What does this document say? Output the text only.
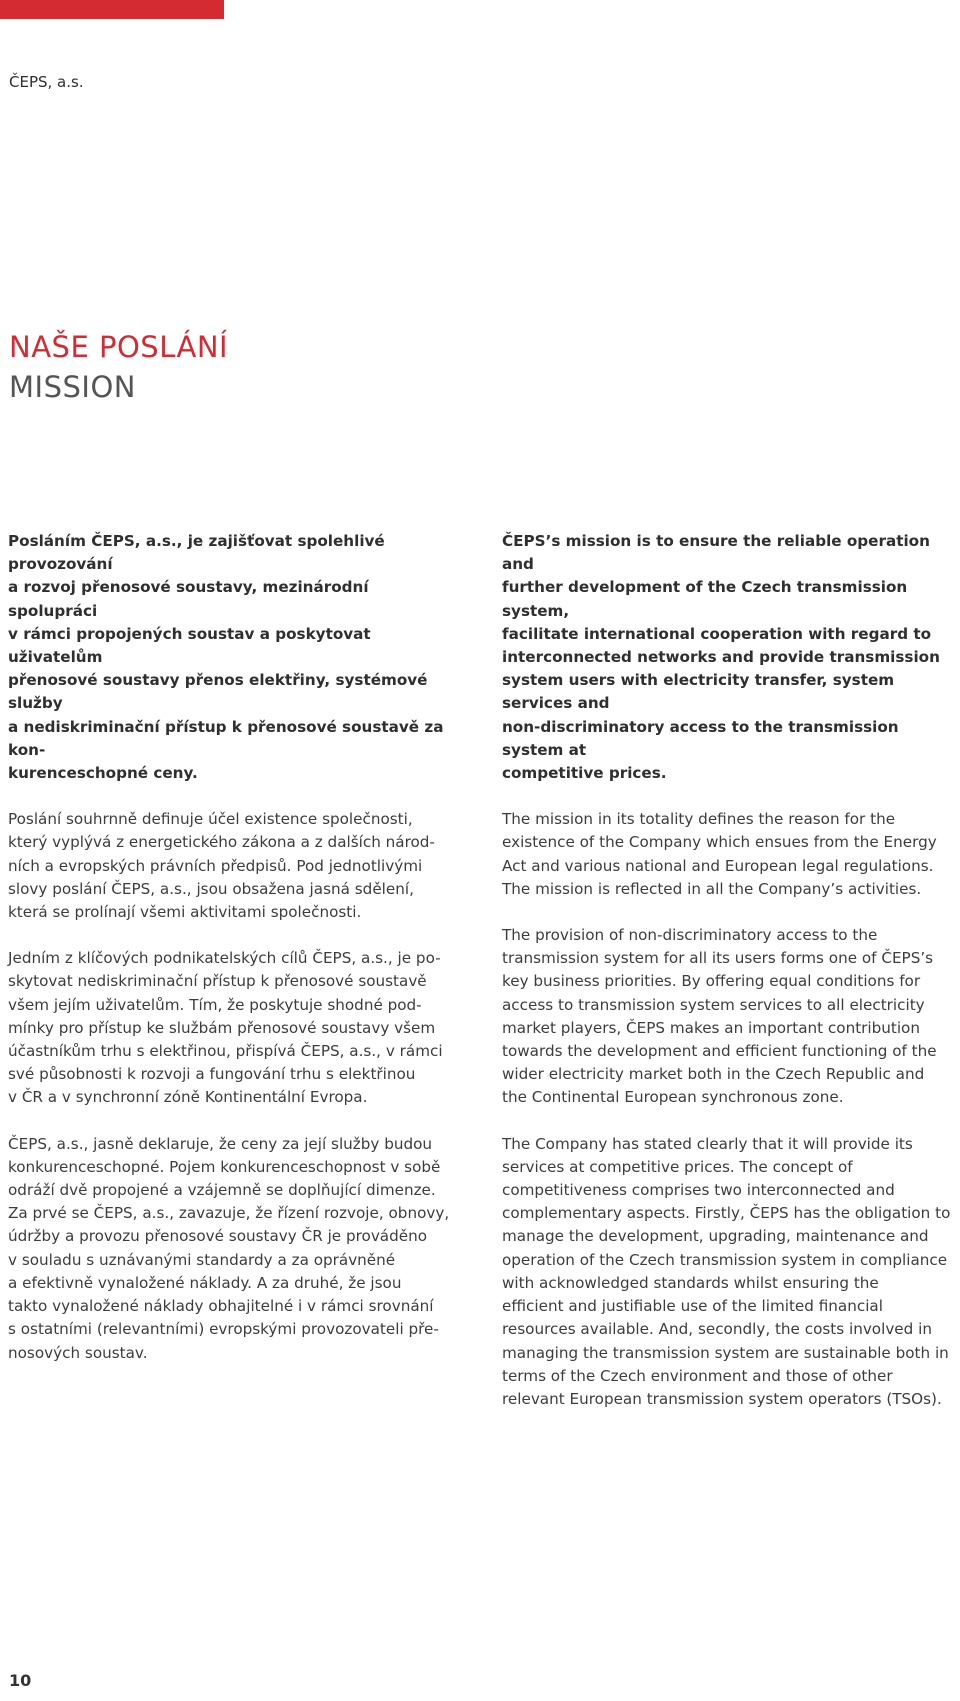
ČEPS, a.s.
NAŠE POSLÁNÍ
MISSION

Posláním ČEPS, a.s., je zajišťovat spolehlivé provozování
a rozvoj přenosové soustavy, mezinárodní spolupráci
v rámci propojených soustav a poskytovat uživatelům
přenosové soustavy přenos elektřiny, systémové služby
a nediskriminační přístup k přenosové soustavě za kon-
kurenceschopné ceny.

Poslání souhrnně definuje účel existence společnosti,
který vyplývá z energetického zákona a z dalších národ-
ních a evropských právních předpisů. Pod jednotlivými
slovy poslání ČEPS, a.s., jsou obsažena jasná sdělení,
která se prolínají všemi aktivitami společnosti.

Jedním z klíčových podnikatelských cílů ČEPS, a.s., je po-
skytovat nediskriminační přístup k přenosové soustavě
všem jejím uživatelům. Tím, že poskytuje shodné pod-
mínky pro přístup ke službám přenosové soustavy všem
účastníkům trhu s elektřinou, přispívá ČEPS, a.s., v rámci
své působnosti k rozvoji a fungování trhu s elektřinou
v ČR a v synchronní zóně Kontinentální Evropa.

ČEPS, a.s., jasně deklaruje, že ceny za její služby budou
konkurenceschopné. Pojem konkurenceschopnost v sobě
odráží dvě propojené a vzájemně se doplňující dimenze.
Za prvé se ČEPS, a.s., zavazuje, že řízení rozvoje, obnovy,
údržby a provozu přenosové soustavy ČR je prováděno
v souladu s uznávanými standardy a za oprávněné
a efektivně vynaložené náklady. A za druhé, že jsou
takto vynaložené náklady obhajitelné i v rámci srovnání
s ostatními (relevantními) evropskými provozovateli pře-
nosových soustav.

ČEPS’s mission is to ensure the reliable operation and
further development of the Czech transmission system,
facilitate international cooperation with regard to
interconnected networks and provide transmission
system users with electricity transfer, system services and
non-discriminatory access to the transmission system at
competitive prices.

The mission in its totality defines the reason for the
existence of the Company which ensues from the Energy
Act and various national and European legal regulations.
The mission is reflected in all the Company’s activities.

The provision of non-discriminatory access to the
transmission system for all its users forms one of ČEPS’s
key business priorities. By offering equal conditions for
access to transmission system services to all electricity
market players, ČEPS makes an important contribution
towards the development and efficient functioning of the
wider electricity market both in the Czech Republic and
the Continental European synchronous zone.

The Company has stated clearly that it will provide its
services at competitive prices. The concept of
competitiveness comprises two interconnected and
complementary aspects. Firstly, ČEPS has the obligation to
manage the development, upgrading, maintenance and
operation of the Czech transmission system in compliance
with acknowledged standards whilst ensuring the
efficient and justifiable use of the limited financial
resources available. And, secondly, the costs involved in
managing the transmission system are sustainable both in
terms of the Czech environment and those of other
relevant European transmission system operators (TSOs).

10
